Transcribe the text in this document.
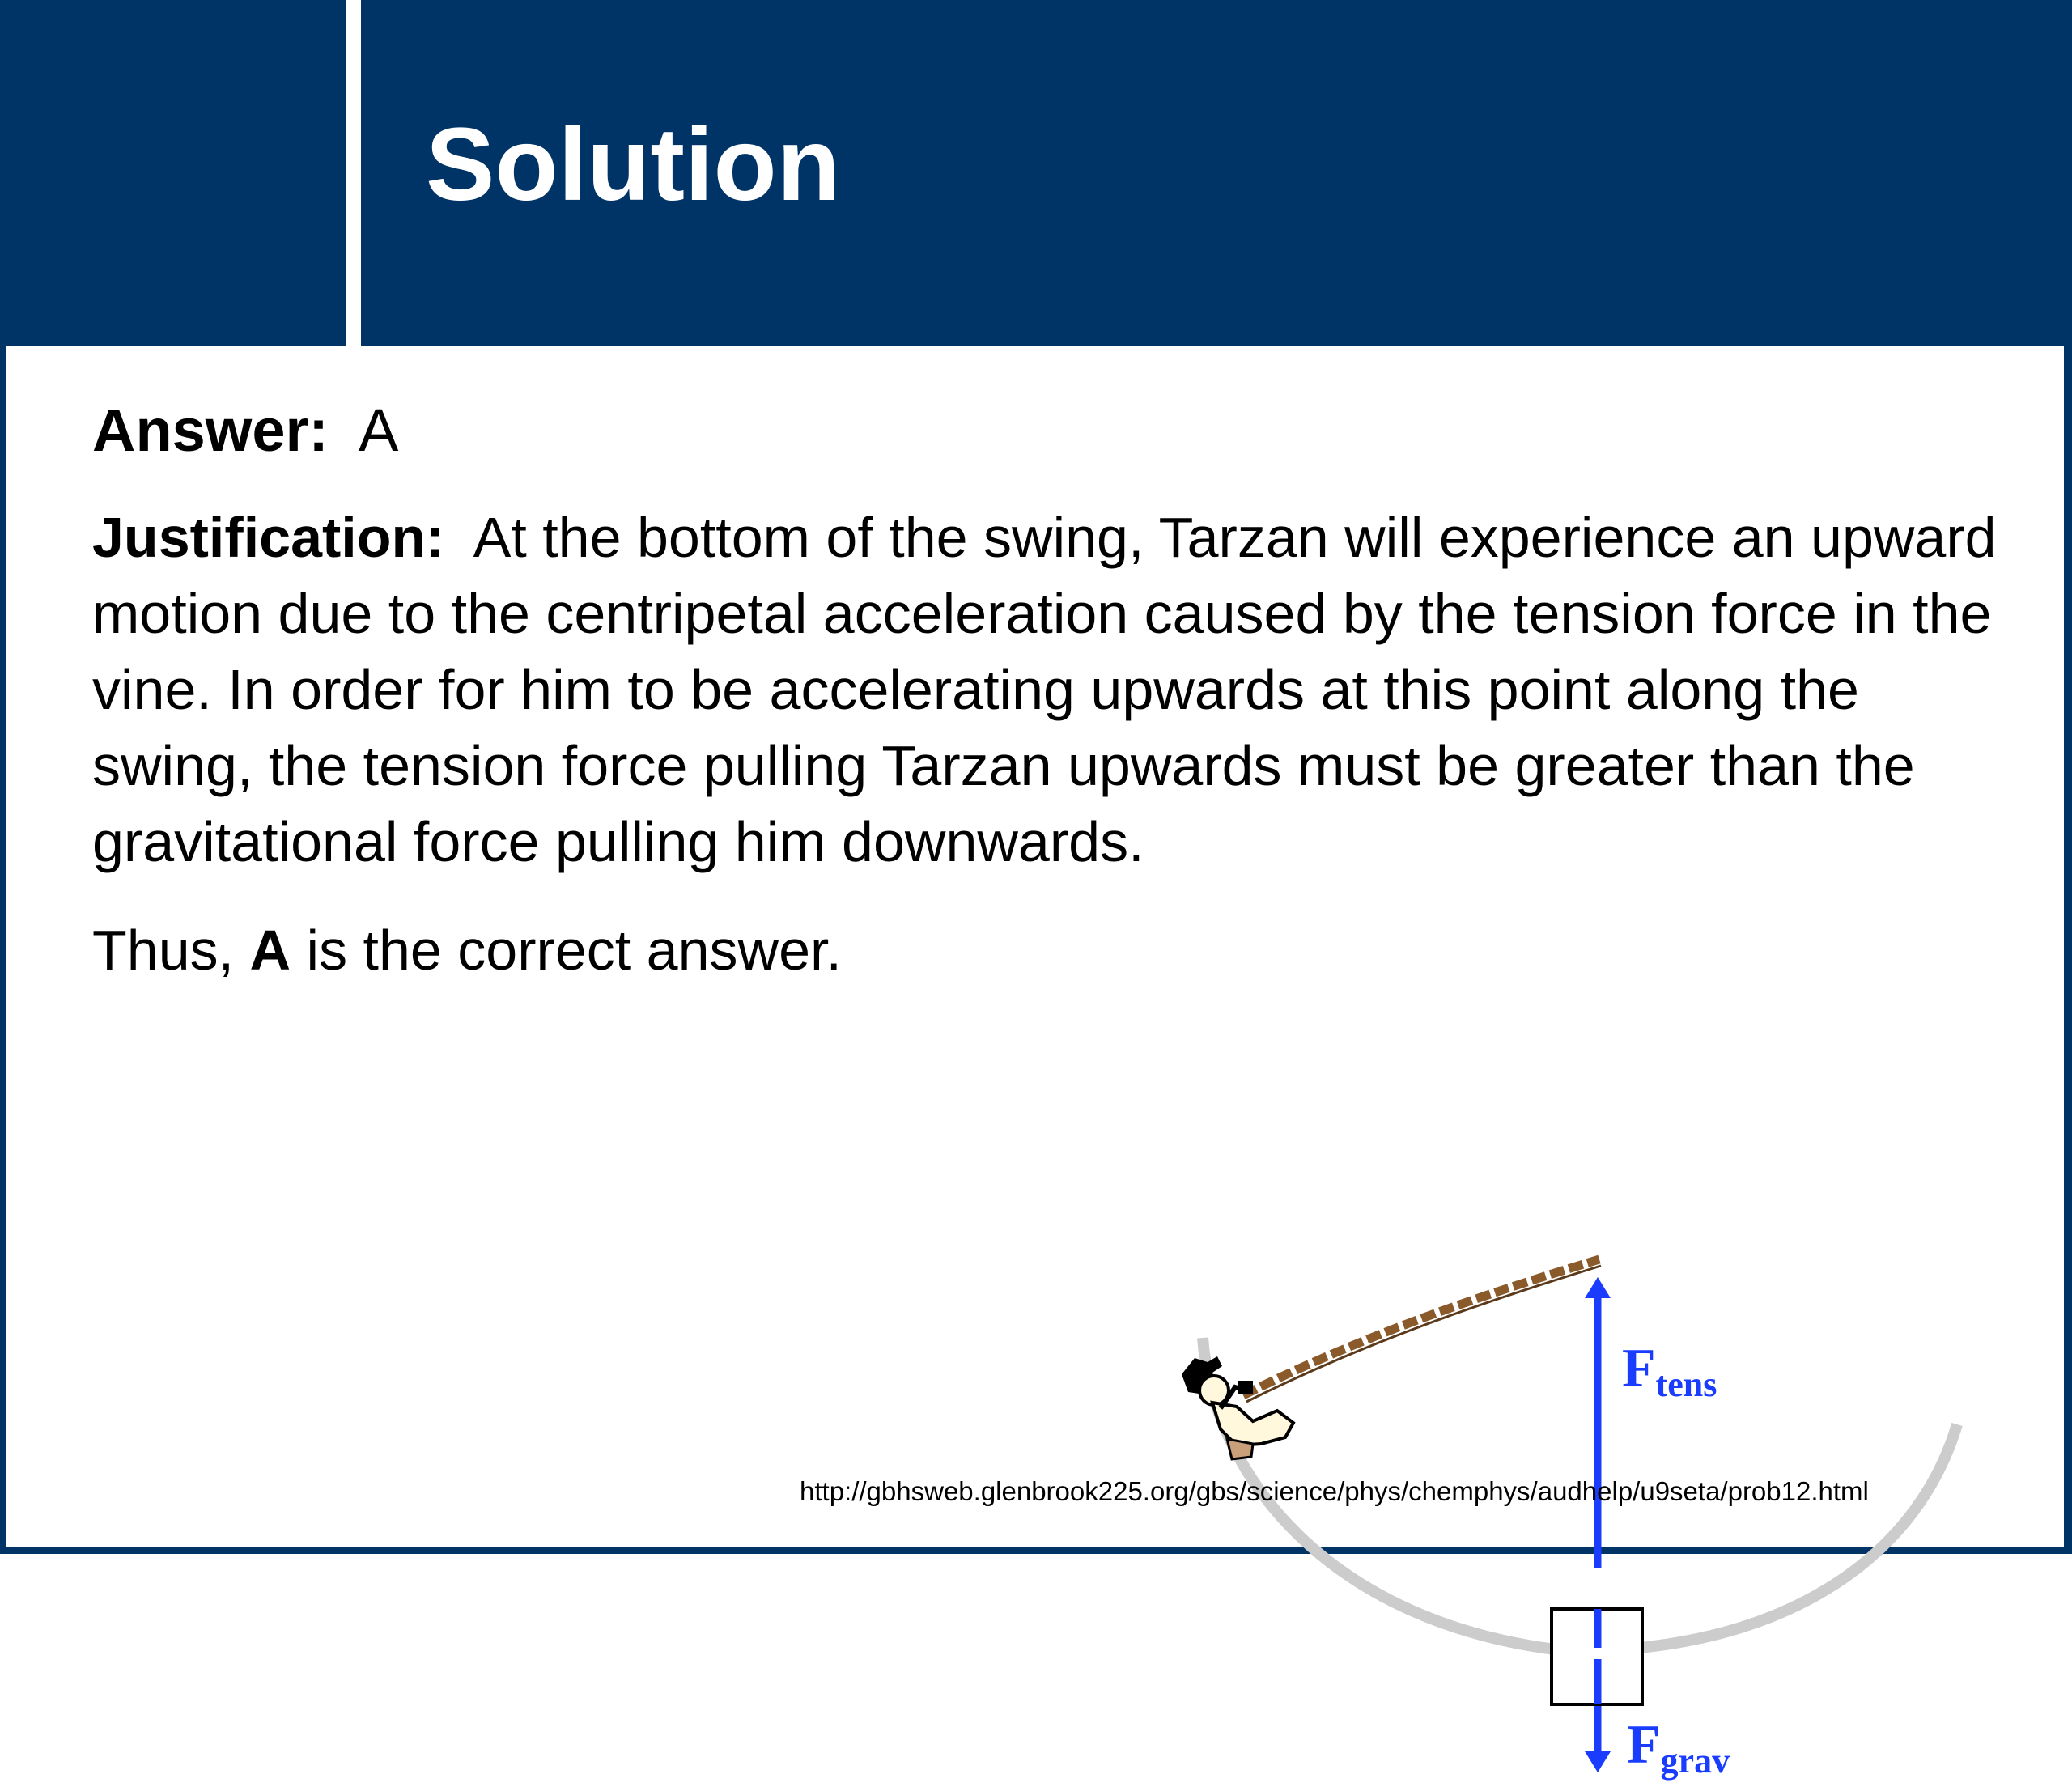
Solution

Answer: A

Justification: At the bottom of the swing, Tarzan will experience an upward motion due to the centripetal acceleration caused by the tension force in the vine. In order for him to be accelerating upwards at this point along the swing, the tension force pulling Tarzan upwards must be greater than the gravitational force pulling him downwards.

Thus, A is the correct answer.

Ftens
Fgrav
http://gbhsweb.glenbrook225.org/gbs/science/phys/chemphys/audhelp/u9seta/prob12.html
